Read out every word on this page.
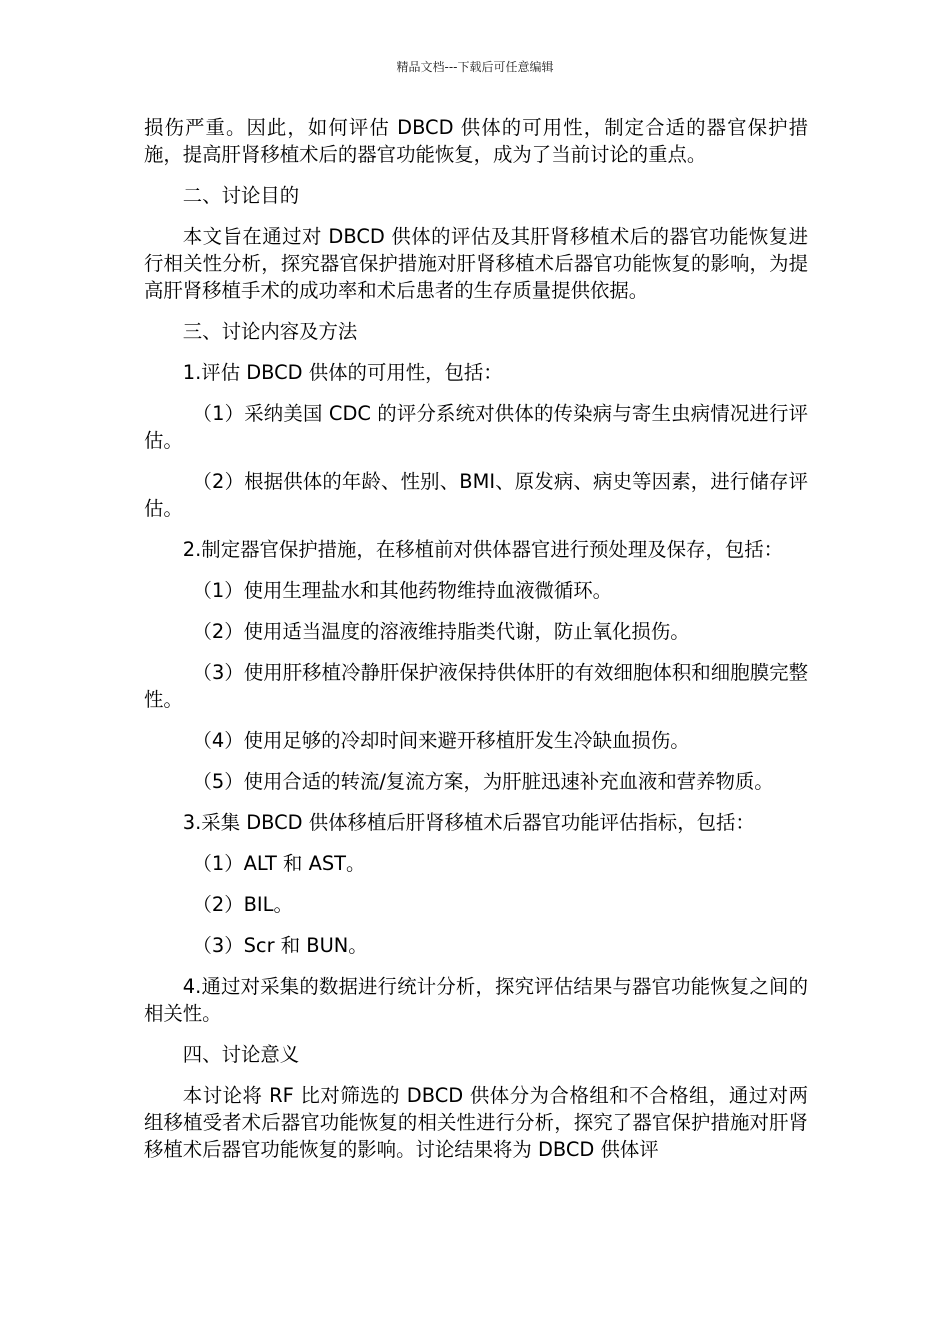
精品文档---下载后可任意编辑

损伤严重。因此，如何评估 DBCD 供体的可用性，制定合适的器官保护措施，提高肝肾移植术后的器官功能恢复，成为了当前讨论的重点。

二、讨论目的

本文旨在通过对 DBCD 供体的评估及其肝肾移植术后的器官功能恢复进行相关性分析，探究器官保护措施对肝肾移植术后器官功能恢复的影响，为提高肝肾移植手术的成功率和术后患者的生存质量提供依据。

三、讨论内容及方法

1.评估 DBCD 供体的可用性，包括：

（1）采纳美国 CDC 的评分系统对供体的传染病与寄生虫病情况进行评估。

（2）根据供体的年龄、性别、BMI、原发病、病史等因素，进行储存评估。

2.制定器官保护措施，在移植前对供体器官进行预处理及保存，包括：

（1）使用生理盐水和其他药物维持血液微循环。

（2）使用适当温度的溶液维持脂类代谢，防止氧化损伤。

（3）使用肝移植冷静肝保护液保持供体肝的有效细胞体积和细胞膜完整性。

（4）使用足够的冷却时间来避开移植肝发生冷缺血损伤。

（5）使用合适的转流/复流方案，为肝脏迅速补充血液和营养物质。

3.采集 DBCD 供体移植后肝肾移植术后器官功能评估指标，包括：

（1）ALT 和 AST。

（2）BIL。

（3）Scr 和 BUN。

4.通过对采集的数据进行统计分析，探究评估结果与器官功能恢复之间的相关性。

四、讨论意义

本讨论将 RF 比对筛选的 DBCD 供体分为合格组和不合格组，通过对两组移植受者术后器官功能恢复的相关性进行分析，探究了器官保护措施对肝肾移植术后器官功能恢复的影响。讨论结果将为 DBCD 供体评
